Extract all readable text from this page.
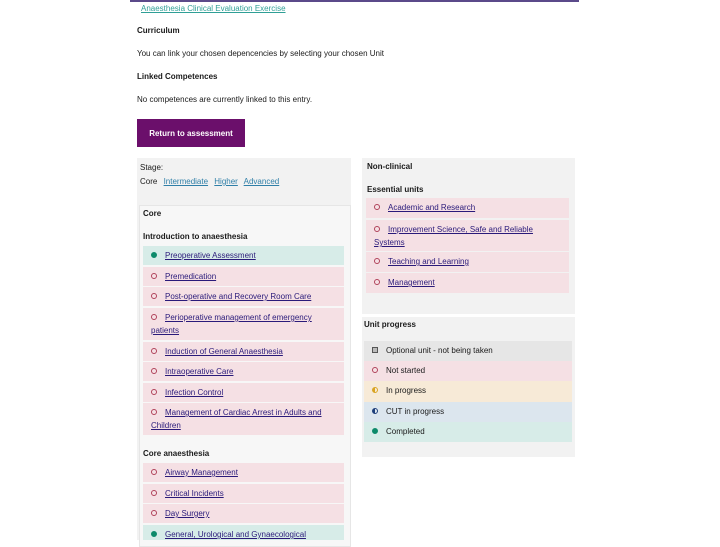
Anaesthesia Clinical Evaluation Exercise
Curriculum
You can link your chosen depencencies by selecting your chosen Unit
Linked Competences
No competences are currently linked to this entry.
Return to assessment
Stage:
Core Intermediate Higher Advanced
Core
Introduction to anaesthesia
Preoperative Assessment
Premedication
Post-operative and Recovery Room Care
Perioperative management of emergency patients
Induction of General Anaesthesia
Intraoperative Care
Infection Control
Management of Cardiac Arrest in Adults and Children
Core anaesthesia
Airway Management
Critical Incidents
Day Surgery
General, Urological and Gynaecological
Non-clinical
Essential units
Academic and Research
Improvement Science, Safe and Reliable Systems
Teaching and Learning
Management
Unit progress
Optional unit - not being taken
Not started
In progress
CUT in progress
Completed
